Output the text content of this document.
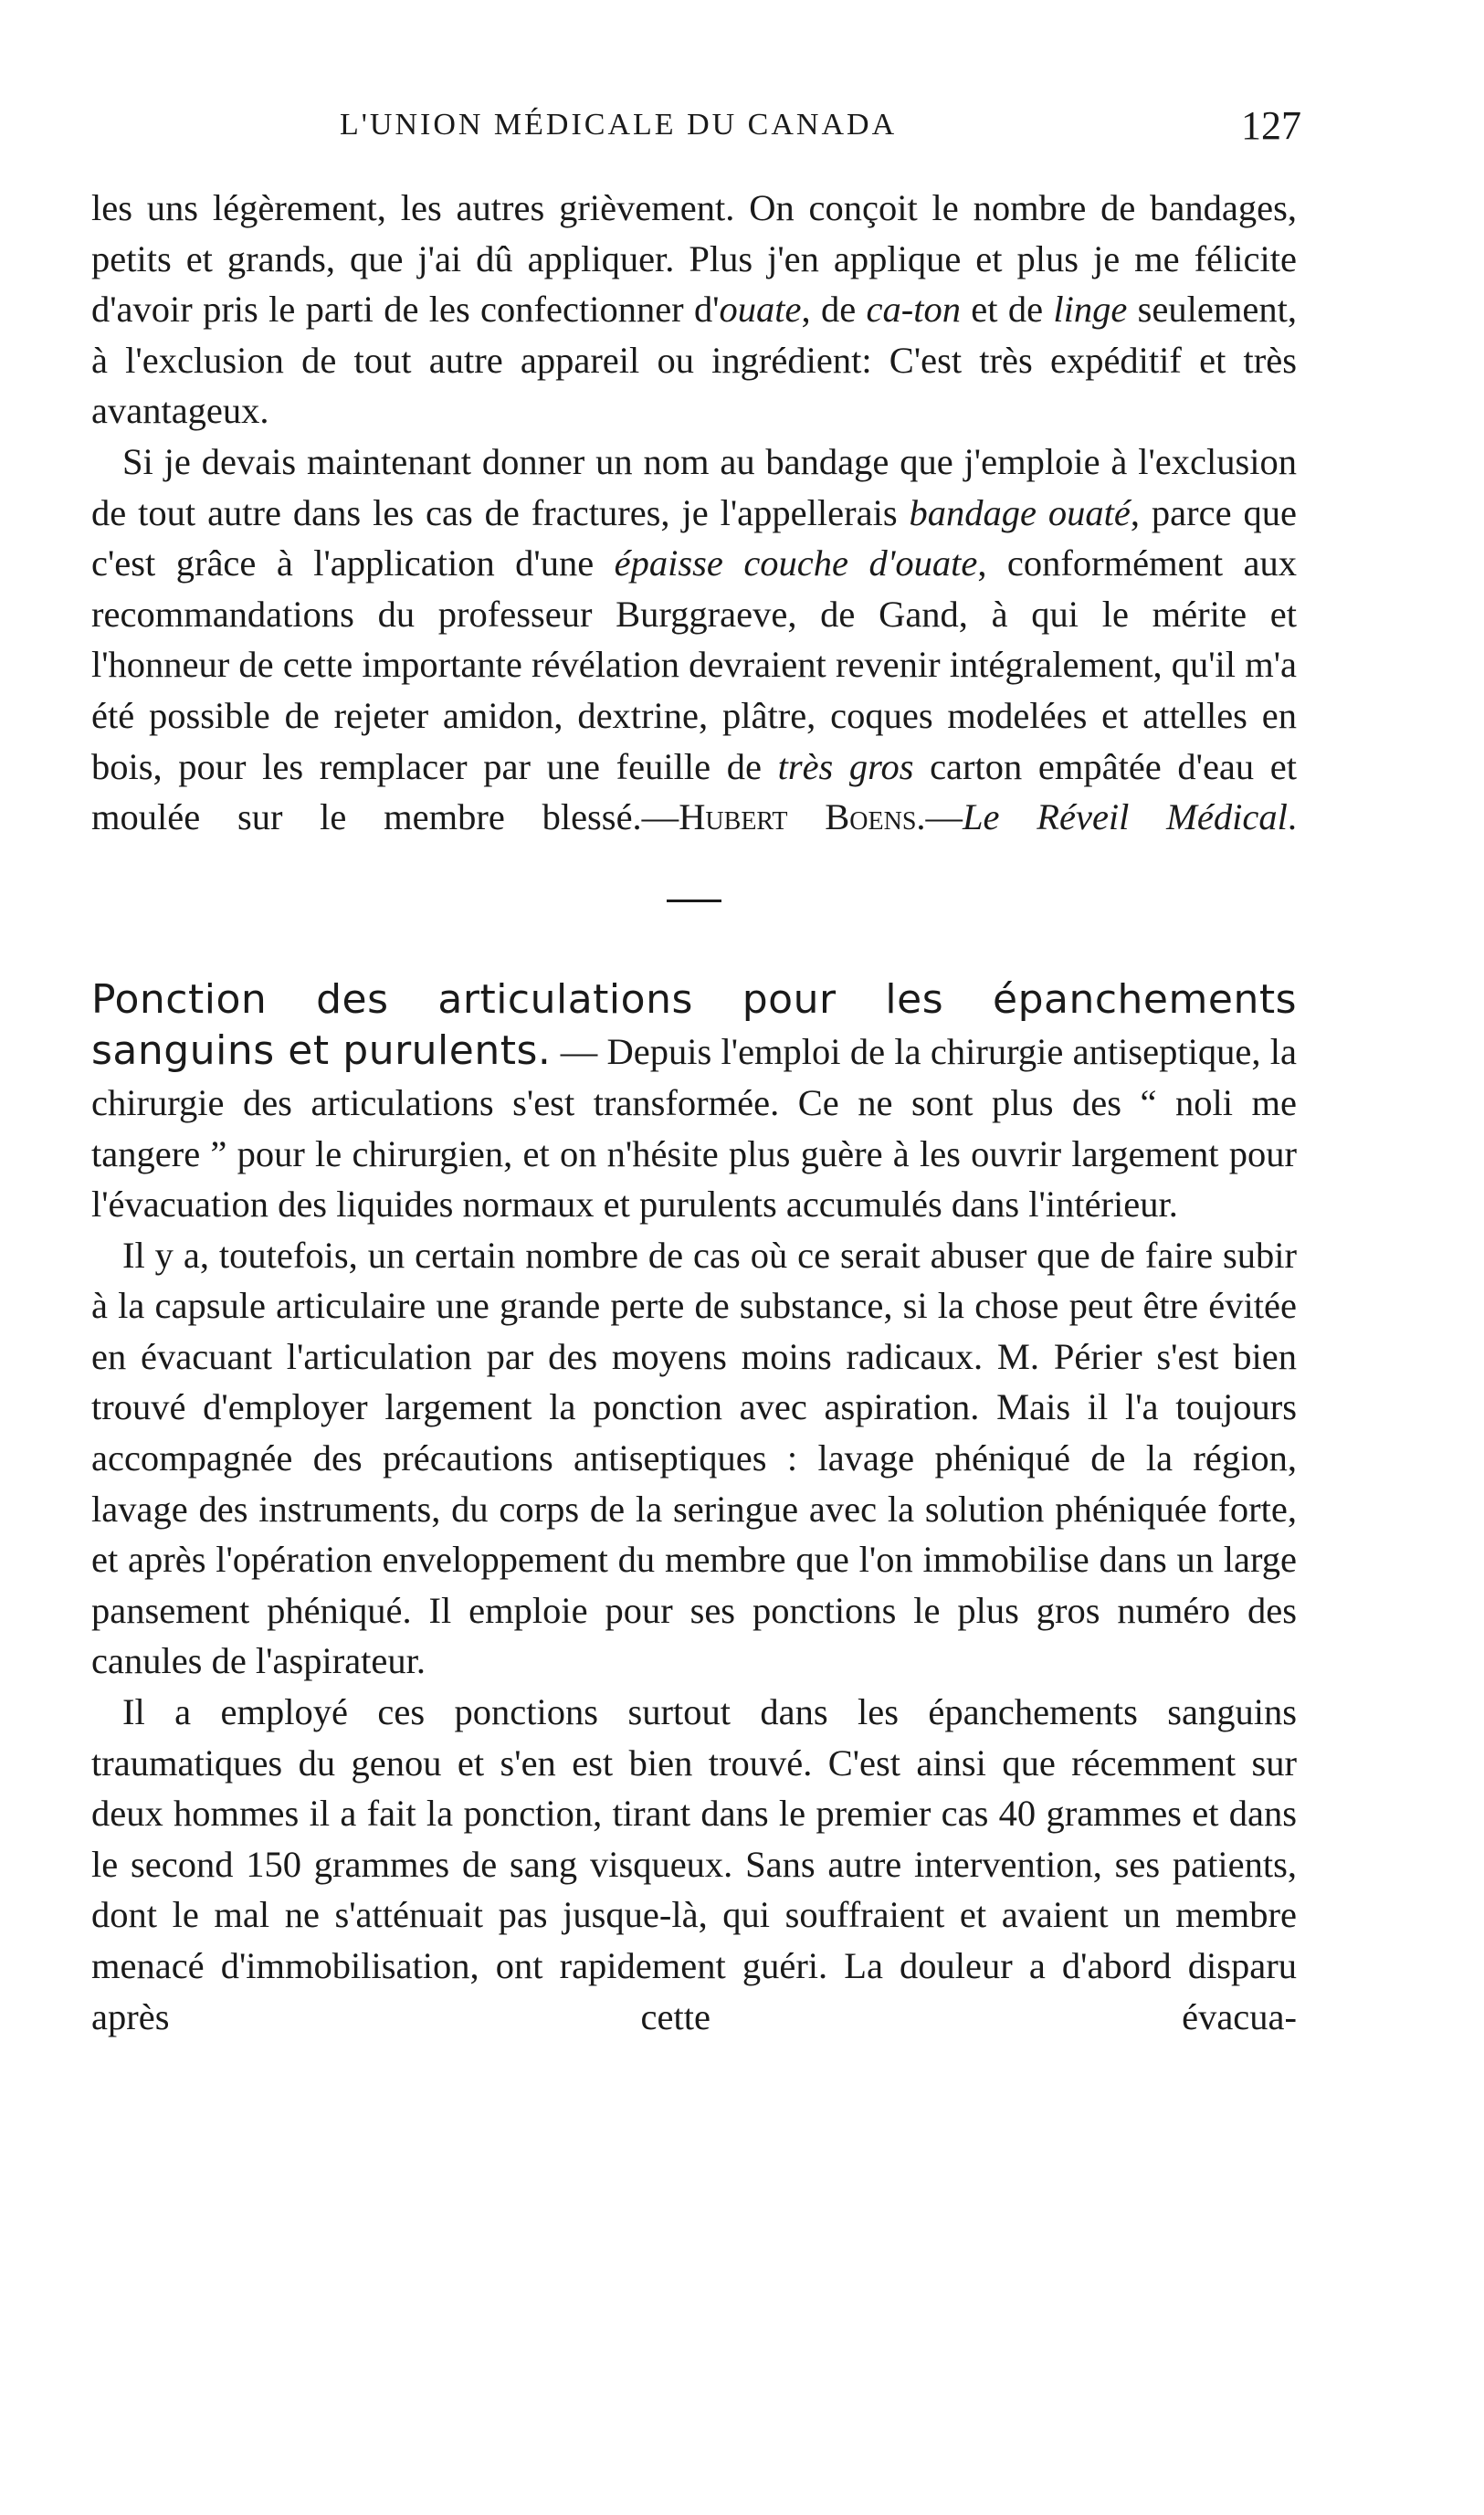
L'UNION MÉDICALE DU CANADA	127

les uns légèrement, les autres grièvement. On conçoit le nombre de bandages, petits et grands, que j'ai dû appliquer. Plus j'en applique et plus je me félicite d'avoir pris le parti de les confectionner d'ouate, de ca-ton et de linge seulement, à l'exclusion de tout autre appareil ou ingrédient: C'est très expéditif et très avantageux.

Si je devais maintenant donner un nom au bandage que j'emploie à l'exclusion de tout autre dans les cas de fractures, je l'appellerais bandage ouaté, parce que c'est grâce à l'application d'une épaisse couche d'ouate, conformément aux recommandations du professeur Burggraeve, de Gand, à qui le mérite et l'honneur de cette importante révélation devraient revenir intégralement, qu'il m'a été possible de rejeter amidon, dextrine, plâtre, coques modelées et attelles en bois, pour les remplacer par une feuille de très gros carton empâtée d'eau et moulée sur le membre blessé.—Hubert Boens.—Le Réveil Médical.

Ponction des articulations pour les épanchements sanguins et purulents. — Depuis l'emploi de la chirurgie antiseptique, la chirurgie des articulations s'est transformée. Ce ne sont plus des “ noli me tangere ” pour le chirurgien, et on n'hésite plus guère à les ouvrir largement pour l'évacuation des liquides normaux et purulents accumulés dans l'intérieur.

Il y a, toutefois, un certain nombre de cas où ce serait abuser que de faire subir à la capsule articulaire une grande perte de substance, si la chose peut être évitée en évacuant l'articulation par des moyens moins radicaux. M. Périer s'est bien trouvé d'employer largement la ponction avec aspiration. Mais il l'a toujours accompagnée des précautions antiseptiques : lavage phéniqué de la région, lavage des instruments, du corps de la seringue avec la solution phéniquée forte, et après l'opération enveloppement du membre que l'on immobilise dans un large pansement phéniqué. Il emploie pour ses ponctions le plus gros numéro des canules de l'aspirateur.

Il a employé ces ponctions surtout dans les épanchements sanguins traumatiques du genou et s'en est bien trouvé. C'est ainsi que récemment sur deux hommes il a fait la ponction, tirant dans le premier cas 40 grammes et dans le second 150 grammes de sang visqueux. Sans autre intervention, ses patients, dont le mal ne s'atténuait pas jusque-là, qui souffraient et avaient un membre menacé d'immobilisation, ont rapidement guéri. La douleur a d'abord disparu après cette évacua-
